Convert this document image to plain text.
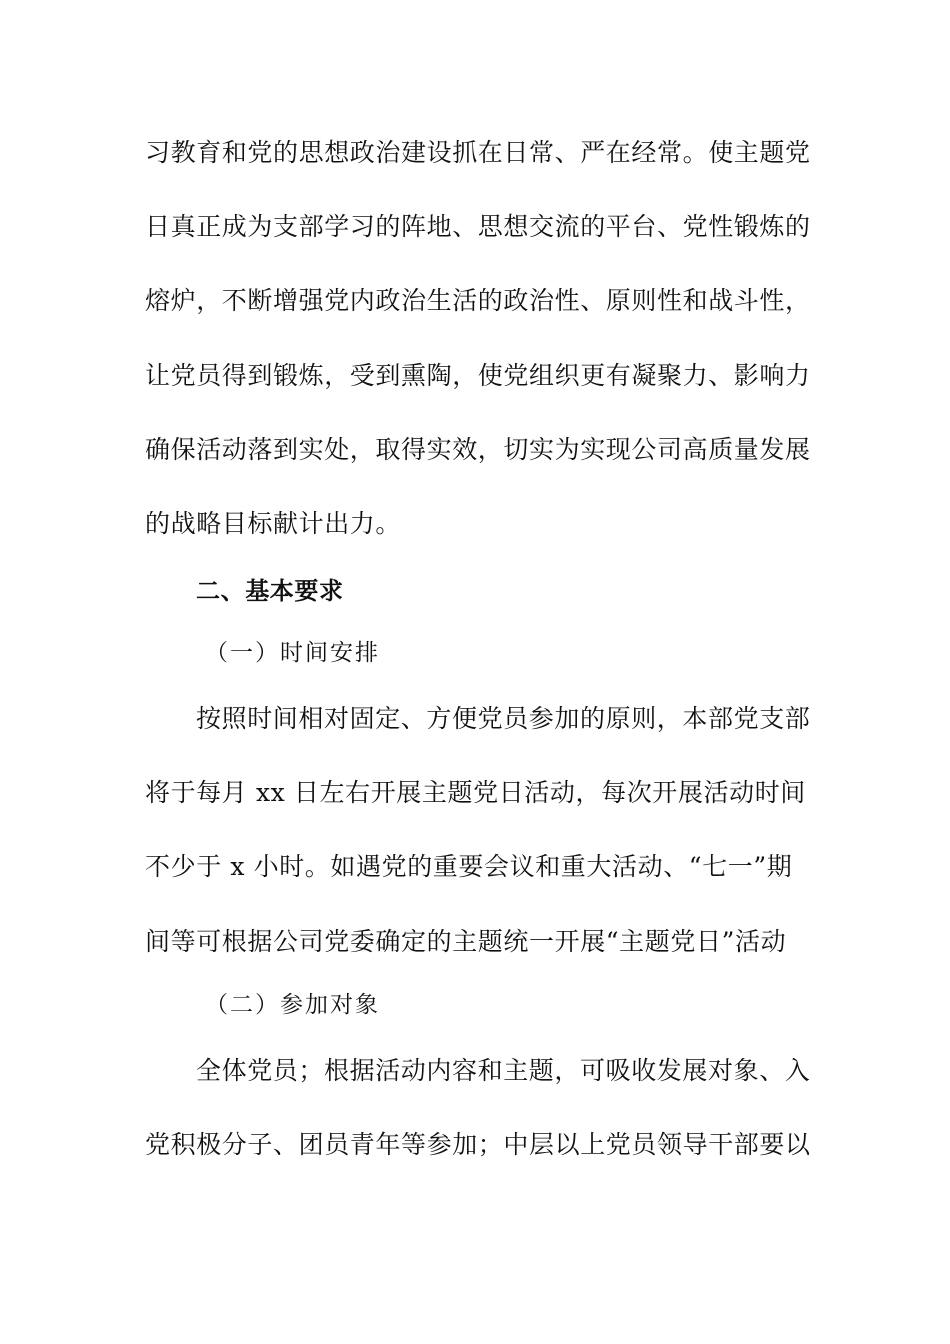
习教育和党的思想政治建设抓在日常、严在经常。使主题党
日真正成为支部学习的阵地、思想交流的平台、党性锻炼的
熔炉，不断增强党内政治生活的政治性、原则性和战斗性，
让党员得到锻炼，受到熏陶，使党组织更有凝聚力、影响力
确保活动落到实处，取得实效，切实为实现公司高质量发展
的战略目标献计出力。
二、基本要求
（一）时间安排
按照时间相对固定、方便党员参加的原则，本部党支部
将于每月 xx 日左右开展主题党日活动，每次开展活动时间
不少于 x 小时。如遇党的重要会议和重大活动、“七一”期
间等可根据公司党委确定的主题统一开展“主题党日”活动
（二）参加对象
全体党员；根据活动内容和主题，可吸收发展对象、入
党积极分子、团员青年等参加；中层以上党员领导干部要以
